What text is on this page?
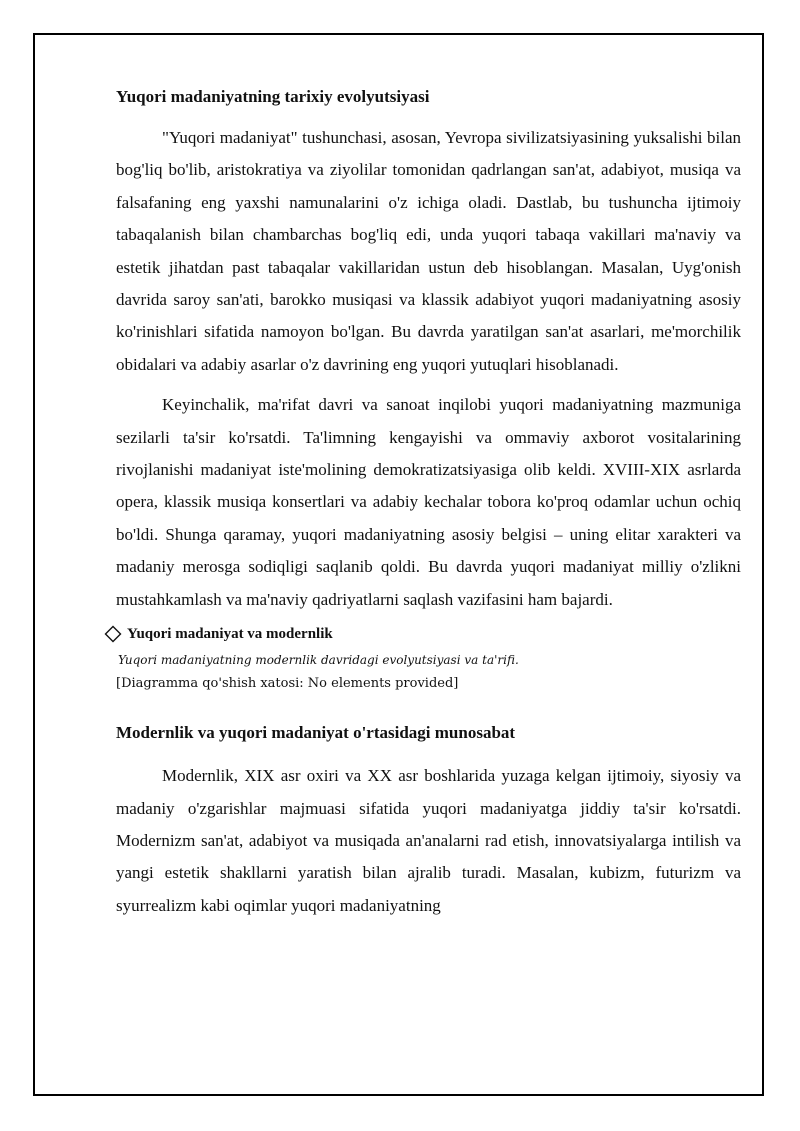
Yuqori madaniyatning tarixiy evolyutsiyasi

"Yuqori madaniyat" tushunchasi, asosan, Yevropa sivilizatsiyasining yuksalishi bilan bog'liq bo'lib, aristokratiya va ziyolilar tomonidan qadrlangan san'at, adabiyot, musiqa va falsafaning eng yaxshi namunalarini o'z ichiga oladi. Dastlab, bu tushuncha ijtimoiy tabaqalanish bilan chambarchas bog'liq edi, unda yuqori tabaqa vakillari ma'naviy va estetik jihatdan past tabaqalar vakillaridan ustun deb hisoblangan. Masalan, Uyg'onish davrida saroy san'ati, barokko musiqasi va klassik adabiyot yuqori madaniyatning asosiy ko'rinishlari sifatida namoyon bo'lgan. Bu davrda yaratilgan san'at asarlari, me'morchilik obidalari va adabiy asarlar o'z davrining eng yuqori yutuqlari hisoblanadi.

Keyinchalik, ma'rifat davri va sanoat inqilobi yuqori madaniyatning mazmuniga sezilarli ta'sir ko'rsatdi. Ta'limning kengayishi va ommaviy axborot vositalarining rivojlanishi madaniyat iste'molining demokratizatsiyasiga olib keldi. XVIII-XIX asrlarda opera, klassik musiqa konsertlari va adabiy kechalar tobora ko'proq odamlar uchun ochiq bo'ldi. Shunga qaramay, yuqori madaniyatning asosiy belgisi – uning elitar xarakteri va madaniy merosga sodiqligi saqlanib qoldi. Bu davrda yuqori madaniyat milliy o'zlikni mustahkamlash va ma'naviy qadriyatlarni saqlash vazifasini ham bajardi.

Yuqori madaniyat va modernlik
Yuqori madaniyatning modernlik davridagi evolyutsiyasi va ta'rifi.
[Diagramma qo'shish xatosi: No elements provided]
Modernlik va yuqori madaniyat o'rtasidagi munosabat

Modernlik, XIX asr oxiri va XX asr boshlarida yuzaga kelgan ijtimoiy, siyosiy va madaniy o'zgarishlar majmuasi sifatida yuqori madaniyatga jiddiy ta'sir ko'rsatdi. Modernizm san'at, adabiyot va musiqada an'analarni rad etish, innovatsiyalarga intilish va yangi estetik shakllarni yaratish bilan ajralib turadi. Masalan, kubizm, futurizm va syurrealizm kabi oqimlar yuqori madaniyatning
